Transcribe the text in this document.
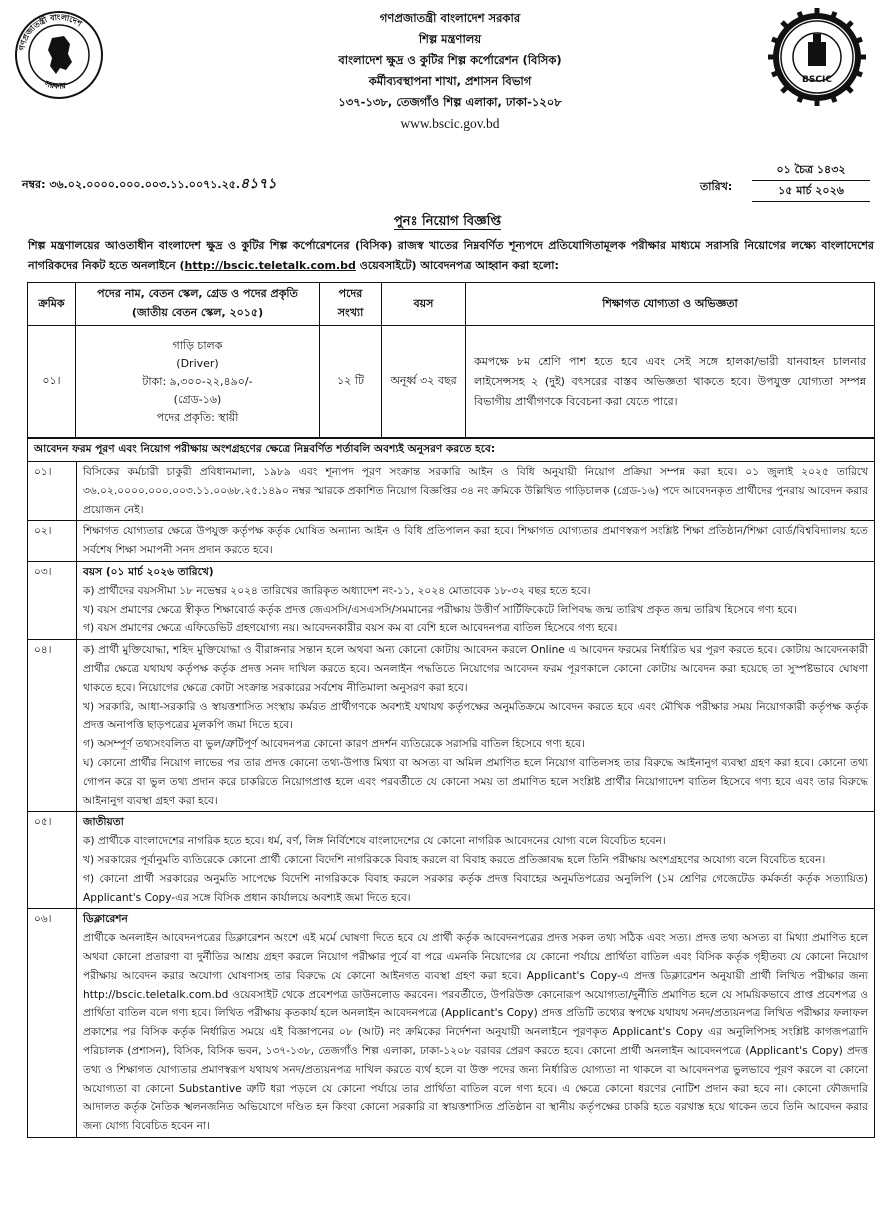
গণপ্রজাতন্ত্রী বাংলাদেশ
সরকার
BSCIC
গণপ্রজাতন্ত্রী বাংলাদেশ সরকার
শিল্প মন্ত্রণালয়
বাংলাদেশ ক্ষুদ্র ও কুটির শিল্প কর্পোরেশন (বিসিক)
কর্মীব্যবস্থাপনা শাখা, প্রশাসন বিভাগ
১৩৭-১৩৮, তেজগাঁও শিল্প এলাকা, ঢাকা-১২০৮
www.bscic.gov.bd
নম্বর: ৩৬.০২.০০০০.০০০.০০৩.১১.০০৭১.২৫.৪১৭১	তারিখ:
০১ চৈত্র ১৪৩২
১৫ মার্চ ২০২৬
পুনঃ নিয়োগ বিজ্ঞপ্তি
শিল্প মন্ত্রণালয়ের আওতাধীন বাংলাদেশ ক্ষুদ্র ও কুটির শিল্প কর্পোরেশনের (বিসিক) রাজস্ব খাতের নিম্নবর্ণিত শূন্যপদে প্রতিযোগিতামূলক পরীক্ষার মাধ্যমে সরাসরি নিয়োগের লক্ষ্যে বাংলাদেশের নাগরিকদের নিকট হতে অনলাইনে (http://bscic.teletalk.com.bd ওয়েবসাইটে) আবেদনপত্র আহ্বান করা হলো:
ক্রমিক	পদের নাম, বেতন স্কেল, গ্রেড ও পদের প্রকৃতি (জাতীয় বেতন স্কেল, ২০১৫)	পদের সংখ্যা	বয়স	শিক্ষাগত যোগ্যতা ও অভিজ্ঞতা
০১।	গাড়ি চালক
(Driver)
টাকা: ৯,৩০০-২২,৪৯০/-
(গ্রেড-১৬)
পদের প্রকৃতি: স্থায়ী	১২ টি	অনূর্ধ্ব ৩২ বছর	কমপক্ষে ৮ম শ্রেণি পাশ হতে হবে এবং সেই সঙ্গে হালকা/ভারী যানবাহন চালনার লাইসেন্সসহ ২ (দুই) বৎসরের বাস্তব অভিজ্ঞতা থাকতে হবে। উপযুক্ত যোগ্যতা সম্পন্ন বিভাগীয় প্রার্থীগণকে বিবেচনা করা যেতে পারে।
আবেদন ফরম পূরণ এবং নিয়োগ পরীক্ষায় অংশগ্রহণের ক্ষেত্রে নিম্নবর্ণিত শর্তাবলি অবশ্যই অনুসরণ করতে হবে:	
০১।	বিসিকের কর্মচারী চাকুরী প্রবিধানমালা, ১৯৮৯ এবং শূন্যপদ পূরণ সংক্রান্ত সরকারি আইন ও বিধি অনুযায়ী নিয়োগ প্রক্রিয়া সম্পন্ন করা হবে। ০১ জুলাই ২০২৫ তারিখে ৩৬.০২.০০০০.০০০.০০৩.১১.০০৬৮.২৫.১৪৯০ নম্বর স্মারকে প্রকাশিত নিয়োগ বিজ্ঞপ্তির ৩৪ নং ক্রমিকে উল্লিখিত গাড়িচালক (গ্রেড-১৬) পদে আবেদনকৃত প্রার্থীদের পুনরায় আবেদন করার প্রয়োজন নেই।

০২।	শিক্ষাগত যোগ্যতার ক্ষেত্রে উপযুক্ত কর্তৃপক্ষ কর্তৃক ঘোষিত অন্যান্য আইন ও বিধি প্রতিপালন করা হবে। শিক্ষাগত যোগ্যতার প্রমাণস্বরূপ সংশ্লিষ্ট শিক্ষা প্রতিষ্ঠান/শিক্ষা বোর্ড/বিশ্ববিদ্যালয় হতে সর্বশেষ শিক্ষা সমাপনী সনদ প্রদান করতে হবে।

০৩।	বয়স (০১ মার্চ ২০২৬ তারিখে)

ক) প্রার্থীদের বয়সসীমা ১৮ নভেম্বর ২০২৪ তারিখের জারিকৃত অধ্যাদেশ নং-১১, ২০২৪ মোতাবেক ১৮-৩২ বছর হতে হবে।

খ) বয়স প্রমাণের ক্ষেত্রে স্বীকৃত শিক্ষাবোর্ড কর্তৃক প্রদত্ত জেএসসি/এসএসসি/সমমানের পরীক্ষায় উত্তীর্ণ সার্টিফিকেটে লিপিবদ্ধ জন্ম তারিখ প্রকৃত জন্ম তারিখ হিসেবে গণ্য হবে।

গ) বয়স প্রমাণের ক্ষেত্রে এফিডেভিট গ্রহণযোগ্য নয়। আবেদনকারীর বয়স কম বা বেশি হলে আবেদনপত্র বাতিল হিসেবে গণ্য হবে।

০৪।	ক) প্রার্থী মুক্তিযোদ্ধা, শহিদ মুক্তিযোদ্ধা ও বীরাঙ্গনার সন্তান হলে অথবা অন্য কোনো কোটায় আবেদন করলে Online এ আবেদন ফরমের নির্ধারিত ঘর পূরণ করতে হবে। কোটায় আবেদনকারী প্রার্থীর ক্ষেত্রে যথাযথ কর্তৃপক্ষ কর্তৃক প্রদত্ত সনদ দাখিল করতে হবে। অনলাইন পদ্ধতিতে নিয়োগের আবেদন ফরম পূরণকালে কোনো কোটায় আবেদন করা হয়েছে তা সুস্পষ্টভাবে ঘোষণা থাকতে হবে। নিয়োগের ক্ষেত্রে কোটা সংক্রান্ত সরকারের সর্বশেষ নীতিমালা অনুসরণ করা হবে।

খ) সরকারি, আধা-সরকারি ও স্বায়ত্তশাসিত সংস্থায় কর্মরত প্রার্থীগণকে অবশ্যই যথাযথ কর্তৃপক্ষের অনুমতিক্রমে আবেদন করতে হবে এবং মৌখিক পরীক্ষার সময় নিয়োগকারী কর্তৃপক্ষ কর্তৃক প্রদত্ত অনাপত্তি ছাড়পত্রের মূলকপি জমা দিতে হবে।

গ) অসম্পূর্ণ তথ্যসংবলিত বা ভুল/ত্রুটিপূর্ণ আবেদনপত্র কোনো কারণ প্রদর্শন ব্যতিরেকে সরাসরি বাতিল হিসেবে গণ্য হবে।

ঘ) কোনো প্রার্থীর নিয়োগ লাভের পর তার প্রদত্ত কোনো তথ্য-উপাত্ত মিথ্যা বা অসত্য বা অমিল প্রমাণিত হলে নিয়োগ বাতিলসহ তার বিরুদ্ধে আইনানুগ ব্যবস্থা গ্রহণ করা হবে। কোনো তথ্য গোপন করে বা ভুল তথ্য প্রদান করে চাকরিতে নিয়োগপ্রাপ্ত হলে এবং পরবর্তীতে যে কোনো সময় তা প্রমাণিত হলে সংশ্লিষ্ট প্রার্থীর নিয়োগাদেশ বাতিল হিসেবে গণ্য হবে এবং তার বিরুদ্ধে আইনানুগ ব্যবস্থা গ্রহণ করা হবে।

০৫।	জাতীয়তা

ক) প্রার্থীকে বাংলাদেশের নাগরিক হতে হবে। ধর্ম, বর্ণ, লিঙ্গ নির্বিশেষে বাংলাদেশের যে কোনো নাগরিক আবেদনের যোগ্য বলে বিবেচিত হবেন।

খ) সরকারের পূর্বানুমতি ব্যতিরেকে কোনো প্রার্থী কোনো বিদেশি নাগরিককে বিবাহ করলে বা বিবাহ করতে প্রতিজ্ঞাবদ্ধ হলে তিনি পরীক্ষায় অংশগ্রহণের অযোগ্য বলে বিবেচিত হবেন।

গ) কোনো প্রার্থী সরকারের অনুমতি সাপেক্ষে বিদেশি নাগরিককে বিবাহ করলে সরকার কর্তৃক প্রদত্ত বিবাহের অনুমতিপত্রের অনুলিপি (১ম শ্রেণির গেজেটেড কর্মকর্তা কর্তৃক সত্যায়িত) Applicant's Copy-এর সঙ্গে বিসিক প্রধান কার্যালয়ে অবশ্যই জমা দিতে হবে।

০৬।	ডিক্লারেশন

প্রার্থীকে অনলাইন আবেদনপত্রের ডিক্লারেশন অংশে এই মর্মে ঘোষণা দিতে হবে যে প্রার্থী কর্তৃক আবেদনপত্রের প্রদত্ত সকল তথ্য সঠিক এবং সত্য। প্রদত্ত তথ্য অসত্য বা মিথ্যা প্রমাণিত হলে অথবা কোনো প্রতারণা বা দুর্নীতির আশ্রয় গ্রহণ করলে নিয়োগ পরীক্ষার পূর্বে বা পরে এমনকি নিয়োগের যে কোনো পর্যায়ে প্রার্থিতা বাতিল এবং বিসিক কর্তৃক গৃহীতব্য যে কোনো নিয়োগ পরীক্ষায় আবেদন করার অযোগ্য ঘোষণাসহ তার বিরুদ্ধে যে কোনো আইনগত ব্যবস্থা গ্রহণ করা হবে। Applicant's Copy-এ প্রদত্ত ডিক্লারেশন অনুযায়ী প্রার্থী লিখিত পরীক্ষার জন্য http://bscic.teletalk.com.bd ওয়েবসাইট থেকে প্রবেশপত্র ডাউনলোড করবেন। পরবর্তীতে, উপরিউক্ত কোনোরূপ অযোগ্যতা/দুর্নীতি প্রমাণিত হলে যে সাময়িকভাবে প্রাপ্ত প্রবেশপত্র ও প্রার্থিতা বাতিল বলে গণ্য হবে। লিখিত পরীক্ষায় কৃতকার্য হলে অনলাইন আবেদনপত্রে (Applicant's Copy) প্রদত্ত প্রতিটি তথ্যের স্বপক্ষে যথাযথ সনদ/প্রত্যয়নপত্র লিখিত পরীক্ষার ফলাফল প্রকাশের পর বিসিক কর্তৃক নির্ধারিত সময়ে এই বিজ্ঞাপনের ০৮ (আট) নং ক্রমিকের নির্দেশনা অনুযায়ী অনলাইনে পূরণকৃত Applicant's Copy এর অনুলিপিসহ সংশ্লিষ্ট কাগজপত্রাদি পরিচালক (প্রশাসন), বিসিক, বিসিক ভবন, ১৩৭-১৩৮, তেজগাঁও শিল্প এলাকা, ঢাকা-১২০৮ বরাবর প্রেরণ করতে হবে। কোনো প্রার্থী অনলাইন আবেদনপত্রে (Applicant's Copy) প্রদত্ত তথ্য ও শিক্ষাগত যোগ্যতার প্রমাণস্বরূপ যথাযথ সনদ/প্রত্যয়নপত্র দাখিল করতে ব্যর্থ হলে বা উক্ত পদের জন্য নির্ধারিত যোগ্যতা না থাকলে বা আবেদনপত্র ভুলভাবে পূরণ করলে বা কোনো অযোগ্যতা বা কোনো Substantive ত্রুটি ধরা পড়লে যে কোনো পর্যায়ে তার প্রার্থিতা বাতিল বলে গণ্য হবে। এ ক্ষেত্রে কোনো ধরণের নোটিশ প্রদান করা হবে না। কোনো ফৌজদারি আদালত কর্তৃক নৈতিক স্খলনজনিত অভিযোগে দণ্ডিত হন কিংবা কোনো সরকারি বা স্বায়ত্তশাসিত প্রতিষ্ঠান বা স্থানীয় কর্তৃপক্ষের চাকরি হতে বরখাস্ত হয়ে থাকেন তবে তিনি আবেদন করার জন্য যোগ্য বিবেচিত হবেন না।
